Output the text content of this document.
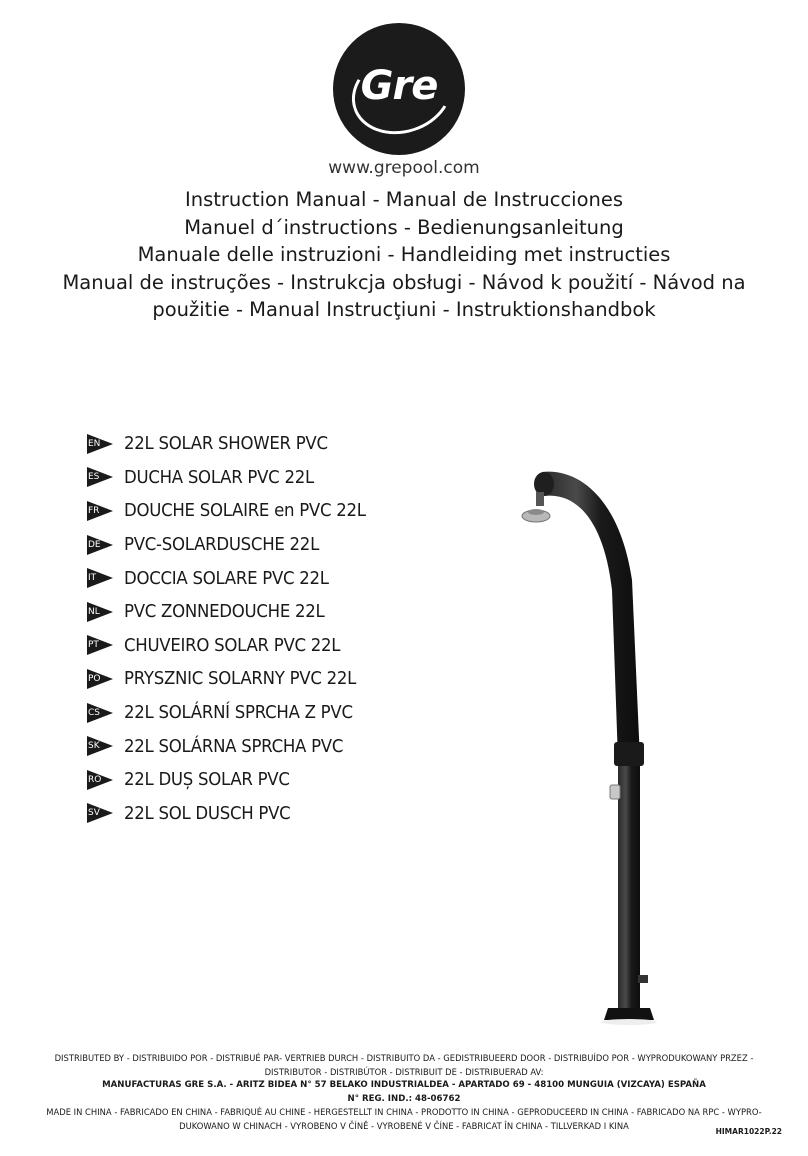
Gre
www.grepool.com
Instruction Manual - Manual de Instrucciones
Manuel d´instructions - Bedienungsanleitung
Manuale delle instruzioni - Handleiding met instructies
Manual de instruções - Instrukcja obsługi - Návod k použití - Návod na
použitie - Manual Instrucţiuni - Instruktionshandbok
EN 22L SOLAR SHOWER PVC
ES DUCHA SOLAR PVC 22L
FR DOUCHE SOLAIRE en PVC 22L
DE PVC-SOLARDUSCHE 22L
IT DOCCIA SOLARE PVC 22L
NL PVC ZONNEDOUCHE 22L
PT CHUVEIRO SOLAR PVC 22L
PO PRYSZNIC SOLARNY PVC 22L
CS 22L SOLÁRNÍ SPRCHA Z PVC
SK 22L SOLÁRNA SPRCHA PVC
RO 22L DUȘ SOLAR PVC
SV 22L SOL DUSCH PVC
DISTRIBUTED BY - DISTRIBUIDO POR - DISTRIBUÉ PAR- VERTRIEB DURCH - DISTRIBUITO DA - GEDISTRIBUEERD DOOR - DISTRIBUÍDO POR - WYPRODUKOWANY PRZEZ -
DISTRIBUTOR - DISTRIBÚTOR - DISTRIBUIT DE - DISTRIBUERAD AV:
MANUFACTURAS GRE S.A. - ARITZ BIDEA N° 57 BELAKO INDUSTRIALDEA - APARTADO 69 - 48100 MUNGUIA (VIZCAYA) ESPAÑA
N° REG. IND.: 48-06762
MADE IN CHINA - FABRICADO EN CHINA - FABRIQUÉ AU CHINE - HERGESTELLT IN CHINA - PRODOTTO IN CHINA - GEPRODUCEERD IN CHINA - FABRICADO NA RPC - WYPRO-
DUKOWANO W CHINACH - VYROBENO V ČÍNĚ - VYROBENÉ V ČÍNE - FABRICAT ÎN CHINA - TILLVERKAD I KINA
HIMAR1022P.22
